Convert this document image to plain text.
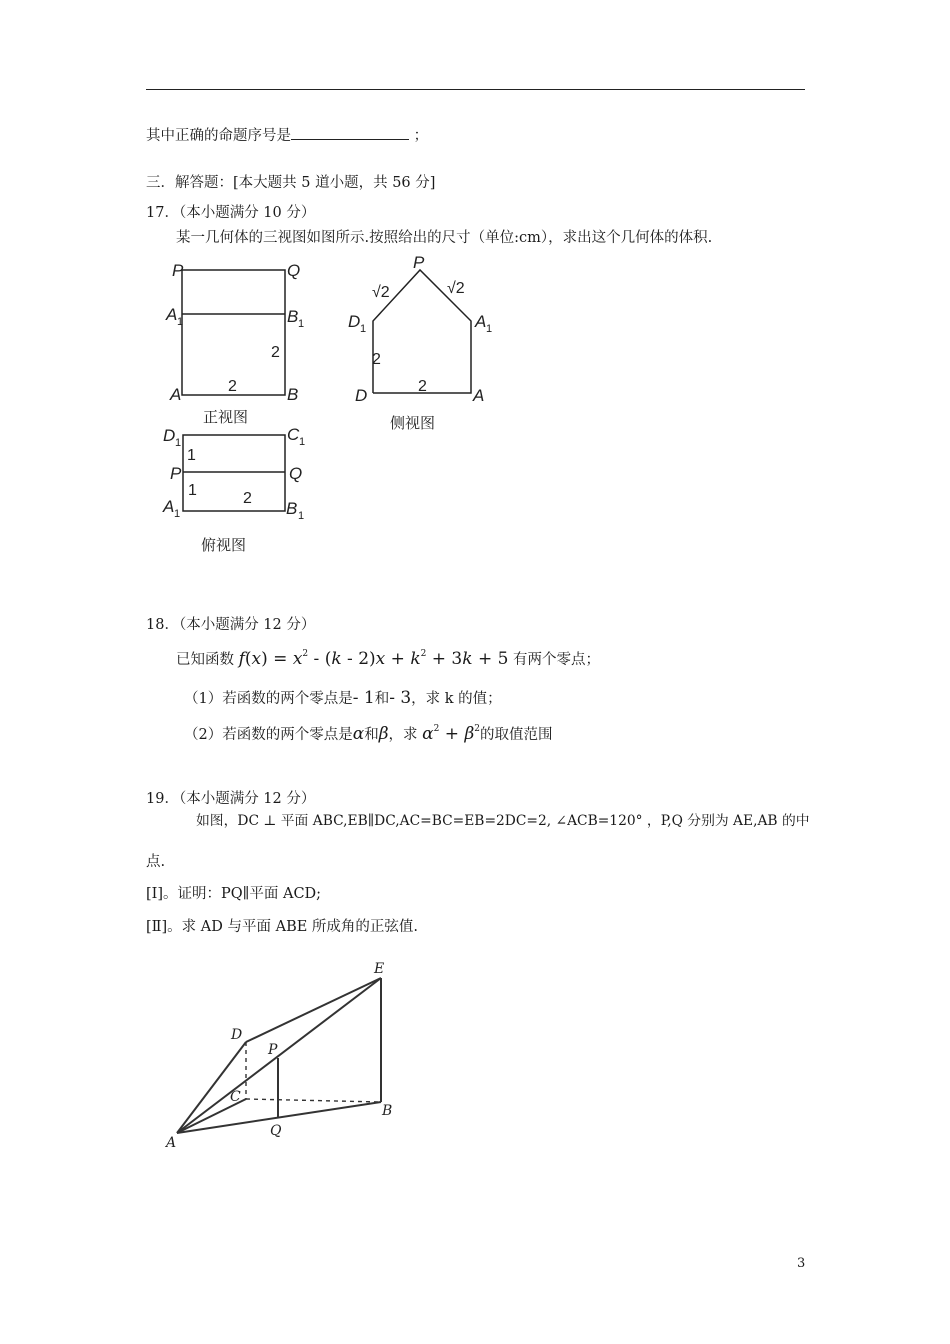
其中正确的命题序号是	；
三．解答题：[本大题共 5 道小题，共 56 分]
17．（本小题满分 10 分）
某一几何体的三视图如图所示.按照给出的尺寸（单位:cm），求出这个几何体的体积.
P	Q
A 1	B 1
A	B
2
2
正视图
P
√2	√2
D 1	A 1
2
2
D	A
侧视图
D 1	C 1
P	Q
A 1	B 1
1
1	2
俯视图
18．（本小题满分 12 分）
已知函数 $f(x) = x^2 - (k - 2)x + k^2 + 3k + 5$ 有两个零点；
（1）若函数的两个零点是- 1和- 3，求 k 的值；
（2）若函数的两个零点是α和β，求 $\alpha^2 + \beta^2$的取值范围
19．（本小题满分 12 分）
如图，DC ⊥ 平面 ABC,EB∥DC,AC=BC=EB=2DC=2, ∠ACB=120° ，P,Q 分别为 AE,AB 的中
点.
[Ⅰ]。证明：PQ∥平面 ACD;
[Ⅱ]。求 AD 与平面 ABE 所成角的正弦值.
E
D
P
C
B
A
Q
3
